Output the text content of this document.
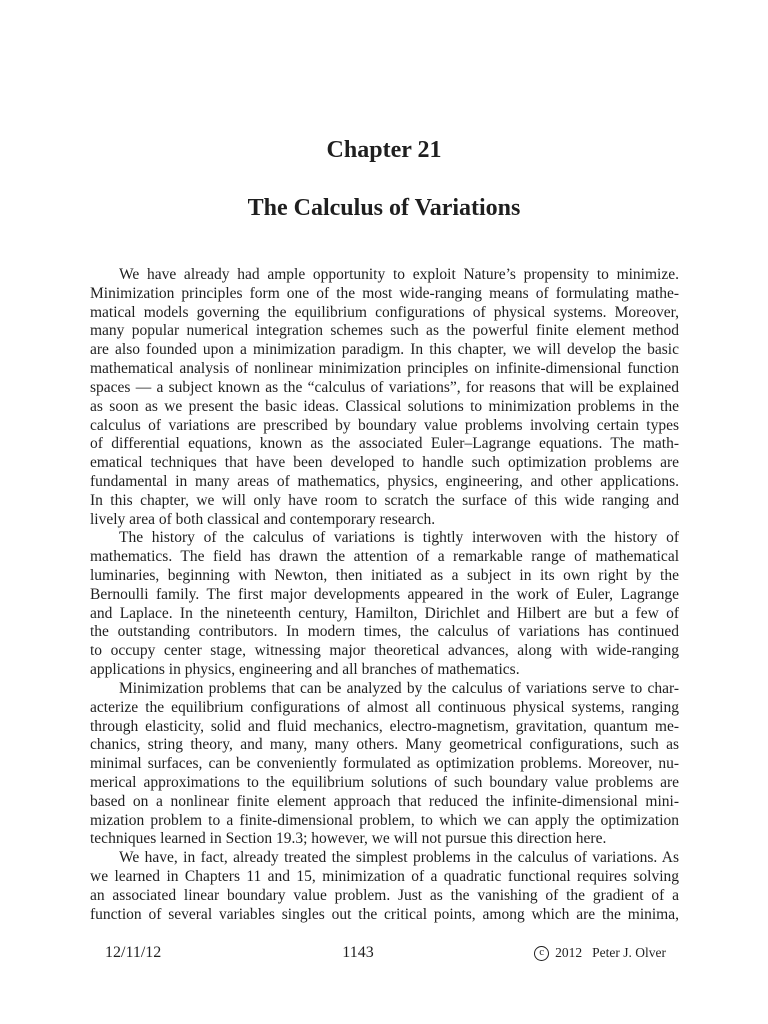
Chapter 21
The Calculus of Variations
We have already had ample opportunity to exploit Nature’s propensity to minimize.
Minimization principles form one of the most wide-ranging means of formulating mathe-
matical models governing the equilibrium configurations of physical systems. Moreover,
many popular numerical integration schemes such as the powerful finite element method
are also founded upon a minimization paradigm. In this chapter, we will develop the basic
mathematical analysis of nonlinear minimization principles on infinite-dimensional function
spaces — a subject known as the “calculus of variations”, for reasons that will be explained
as soon as we present the basic ideas. Classical solutions to minimization problems in the
calculus of variations are prescribed by boundary value problems involving certain types
of differential equations, known as the associated Euler–Lagrange equations. The math-
ematical techniques that have been developed to handle such optimization problems are
fundamental in many areas of mathematics, physics, engineering, and other applications.
In this chapter, we will only have room to scratch the surface of this wide ranging and
lively area of both classical and contemporary research.
The history of the calculus of variations is tightly interwoven with the history of
mathematics. The field has drawn the attention of a remarkable range of mathematical
luminaries, beginning with Newton, then initiated as a subject in its own right by the
Bernoulli family. The first major developments appeared in the work of Euler, Lagrange
and Laplace. In the nineteenth century, Hamilton, Dirichlet and Hilbert are but a few of
the outstanding contributors. In modern times, the calculus of variations has continued
to occupy center stage, witnessing major theoretical advances, along with wide-ranging
applications in physics, engineering and all branches of mathematics.
Minimization problems that can be analyzed by the calculus of variations serve to char-
acterize the equilibrium configurations of almost all continuous physical systems, ranging
through elasticity, solid and fluid mechanics, electro-magnetism, gravitation, quantum me-
chanics, string theory, and many, many others. Many geometrical configurations, such as
minimal surfaces, can be conveniently formulated as optimization problems. Moreover, nu-
merical approximations to the equilibrium solutions of such boundary value problems are
based on a nonlinear finite element approach that reduced the infinite-dimensional mini-
mization problem to a finite-dimensional problem, to which we can apply the optimization
techniques learned in Section 19.3; however, we will not pursue this direction here.
We have, in fact, already treated the simplest problems in the calculus of variations. As
we learned in Chapters 11 and 15, minimization of a quadratic functional requires solving
an associated linear boundary value problem. Just as the vanishing of the gradient of a
function of several variables singles out the critical points, among which are the minima,
12/11/12	1143	c 2012 Peter J. Olver
